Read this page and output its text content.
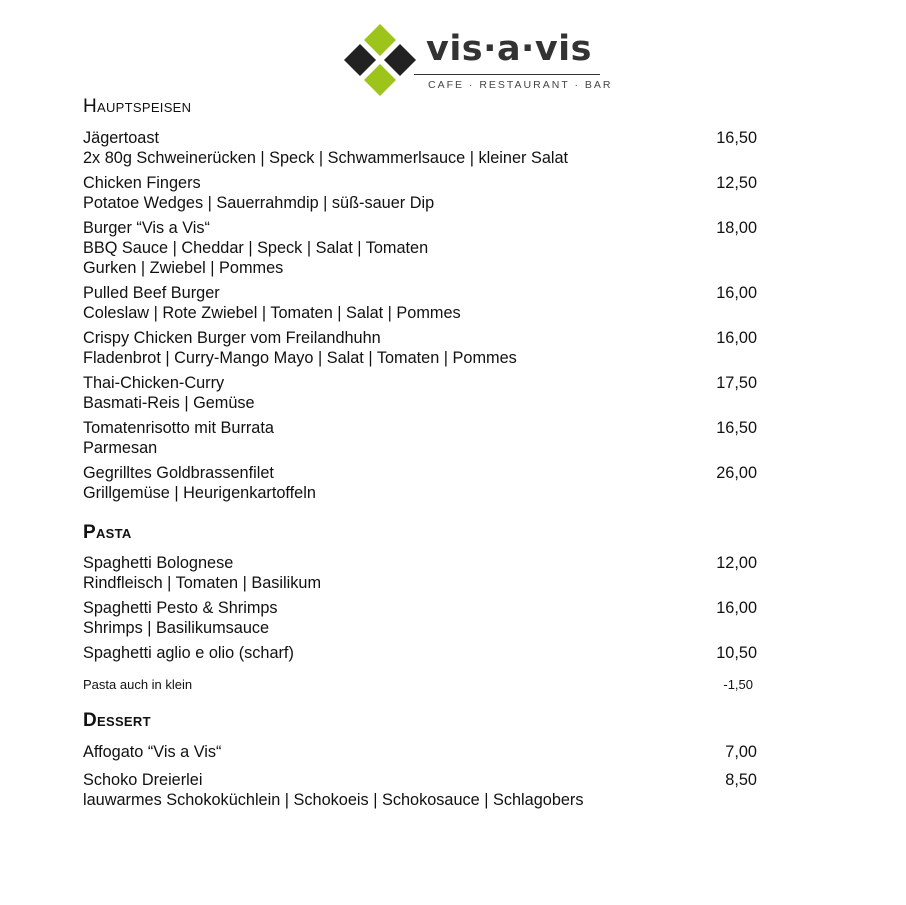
vis·a·vis
CAFE · RESTAURANT · BAR
Hauptspeisen
Jägertoast	16,50
2x 80g Schweinerücken | Speck | Schwammerlsauce | kleiner Salat
Chicken Fingers	12,50
Potatoe Wedges | Sauerrahmdip | süß-sauer Dip
Burger “Vis a Vis“	18,00
BBQ Sauce | Cheddar | Speck | Salat | Tomaten
Gurken | Zwiebel | Pommes
Pulled Beef Burger	16,00
Coleslaw | Rote Zwiebel | Tomaten | Salat | Pommes
Crispy Chicken Burger vom Freilandhuhn	16,00
Fladenbrot | Curry-Mango Mayo | Salat | Tomaten | Pommes
Thai-Chicken-Curry	17,50
Basmati-Reis | Gemüse
Tomatenrisotto mit Burrata	16,50
Parmesan
Gegrilltes Goldbrassenfilet	26,00
Grillgemüse | Heurigenkartoffeln
Pasta
Spaghetti Bolognese	12,00
Rindfleisch | Tomaten | Basilikum
Spaghetti Pesto & Shrimps	16,00
Shrimps | Basilikumsauce
Spaghetti aglio e olio (scharf)	10,50
Pasta auch in klein	-1,50
Dessert
Affogato “Vis a Vis“	7,00
Schoko Dreierlei	8,50
lauwarmes Schokoküchlein | Schokoeis | Schokosauce | Schlagobers
